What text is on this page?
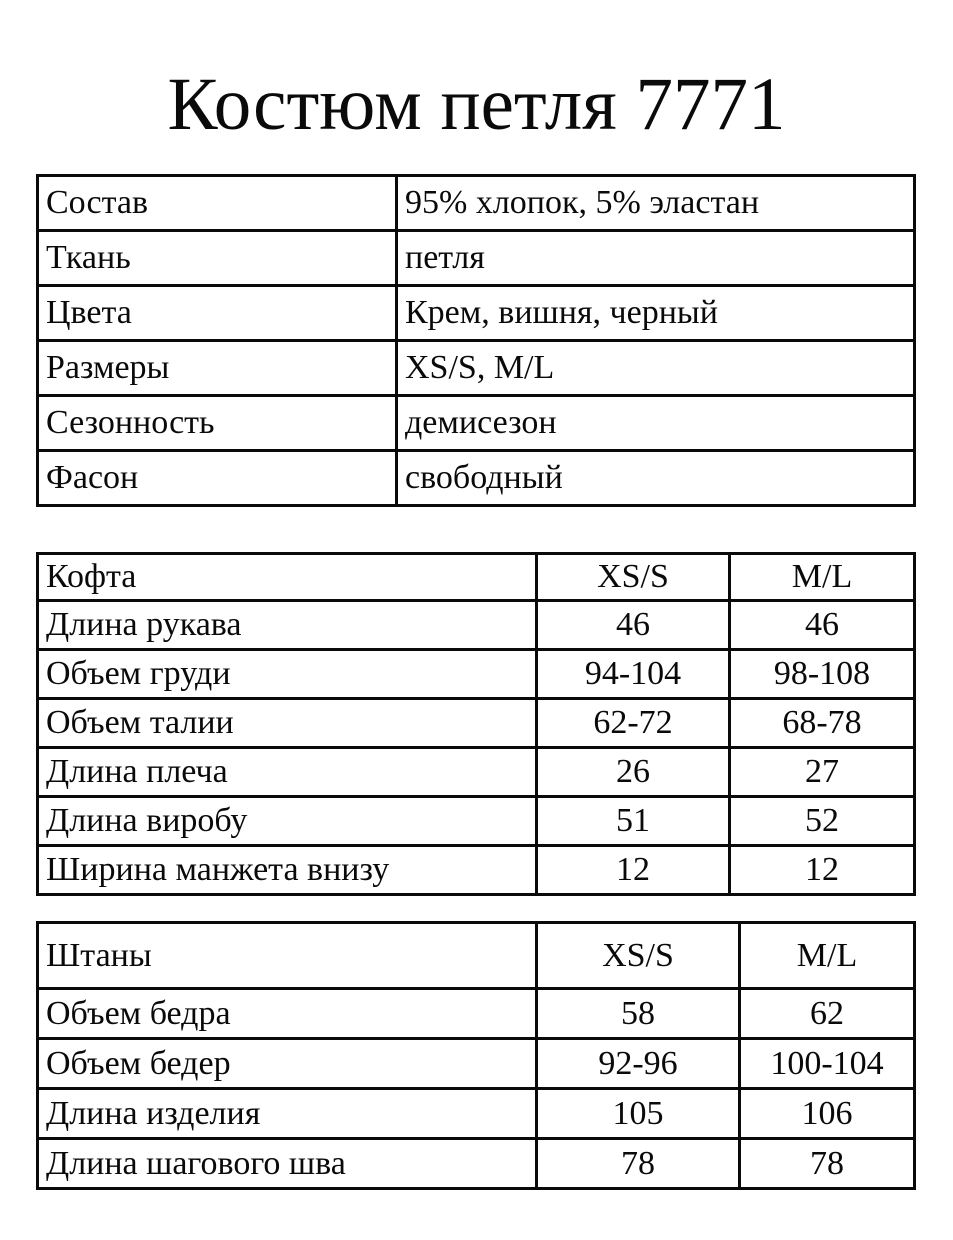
Костюм петля 7771
Состав	95% хлопок, 5% эластан
Ткань	петля
Цвета	Крем, вишня, черный
Размеры	XS/S, M/L
Сезонность	демисезон
Фасон	свободный
Кофта	XS/S	M/L
Длина рукава	46	46
Объем груди	94-104	98-108
Объем талии	62-72	68-78
Длина плеча	26	27
Длина виробу	51	52
Ширина манжета внизу	12	12
Штаны	XS/S	M/L
Объем бедра	58	62
Объем бедер	92-96	100-104
Длина изделия	105	106
Длина шагового шва	78	78
